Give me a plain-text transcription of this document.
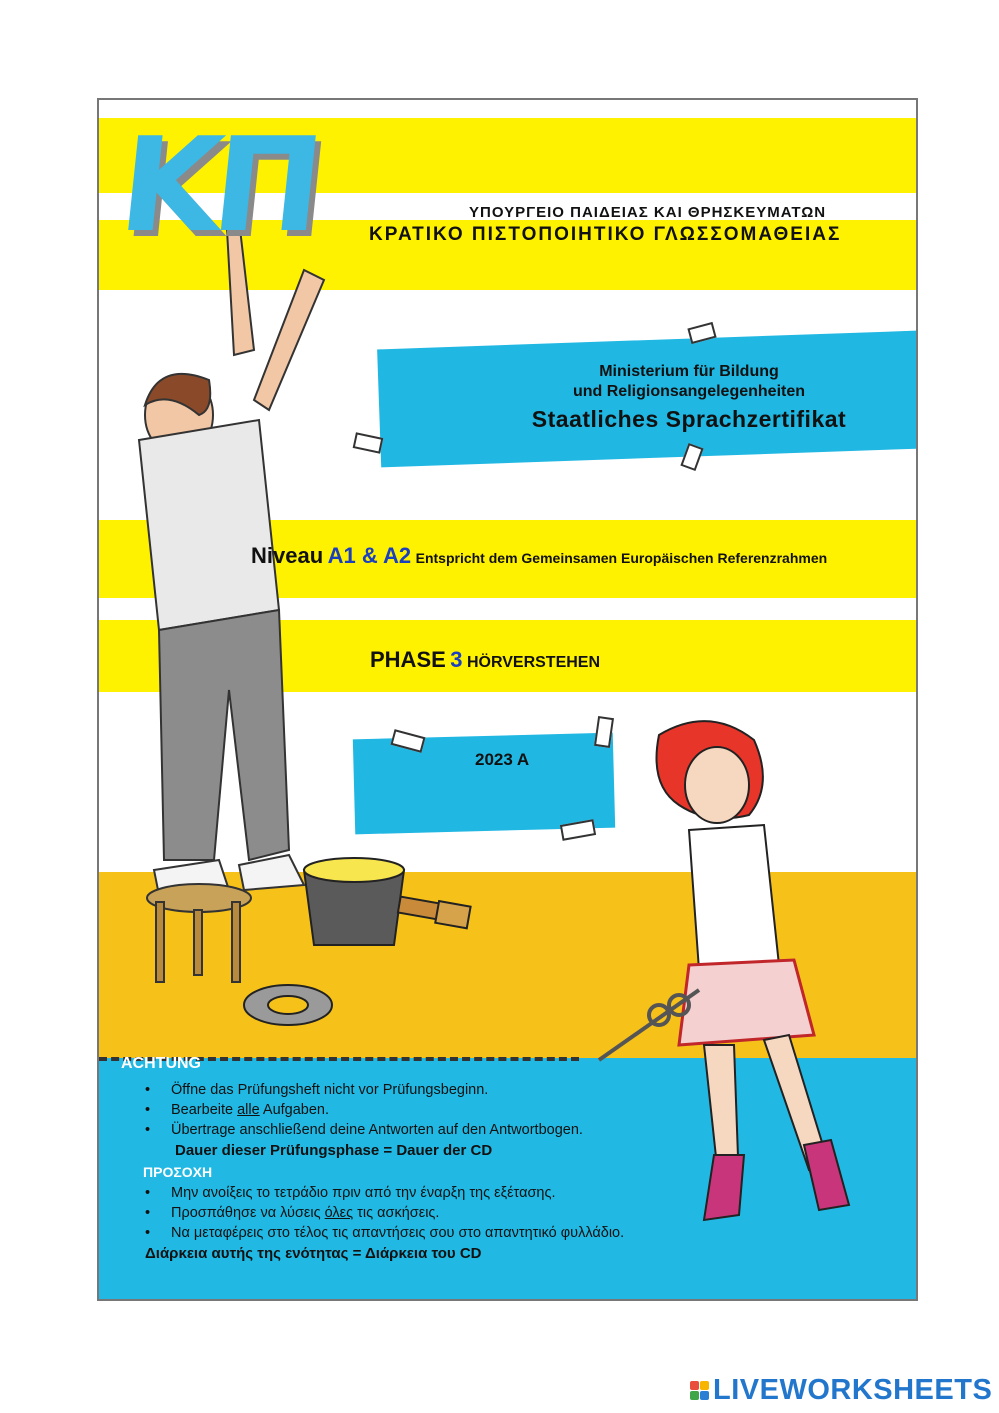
ΚΠ	ΥΠΟΥΡΓΕΙΟ ΠΑΙΔΕΙΑΣ ΚΑΙ ΘΡΗΣΚΕΥΜΑΤΩΝ
ΚΡΑΤΙΚΟ ΠΙΣΤΟΠΟΙΗΤΙΚΟ ΓΛΩΣΣΟΜΑΘΕΙΑΣ
Ministerium für Bildung
und Religionsangelegenheiten
Staatliches Sprachzertifikat
Niveau A1 & A2 Entspricht dem Gemeinsamen Europäischen Referenzrahmen
PHASE 3 HÖRVERSTEHEN
2023 A
ACHTUNG
• Öffne das Prüfungsheft nicht vor Prüfungsbeginn.
• Bearbeite alle Aufgaben.
• Übertrage anschließend deine Antworten auf den Antwortbogen.
Dauer dieser Prüfungsphase = Dauer der CD
ΠΡΟΣΟΧΗ
• Μην ανοίξεις το τετράδιο πριν από την έναρξη της εξέτασης.
• Προσπάθησε να λύσεις όλες τις ασκήσεις.
• Να μεταφέρεις στο τέλος τις απαντήσεις σου στο απαντητικό φυλλάδιο.
Διάρκεια αυτής της ενότητας = Διάρκεια του CD
LIVEWORKSHEETS
